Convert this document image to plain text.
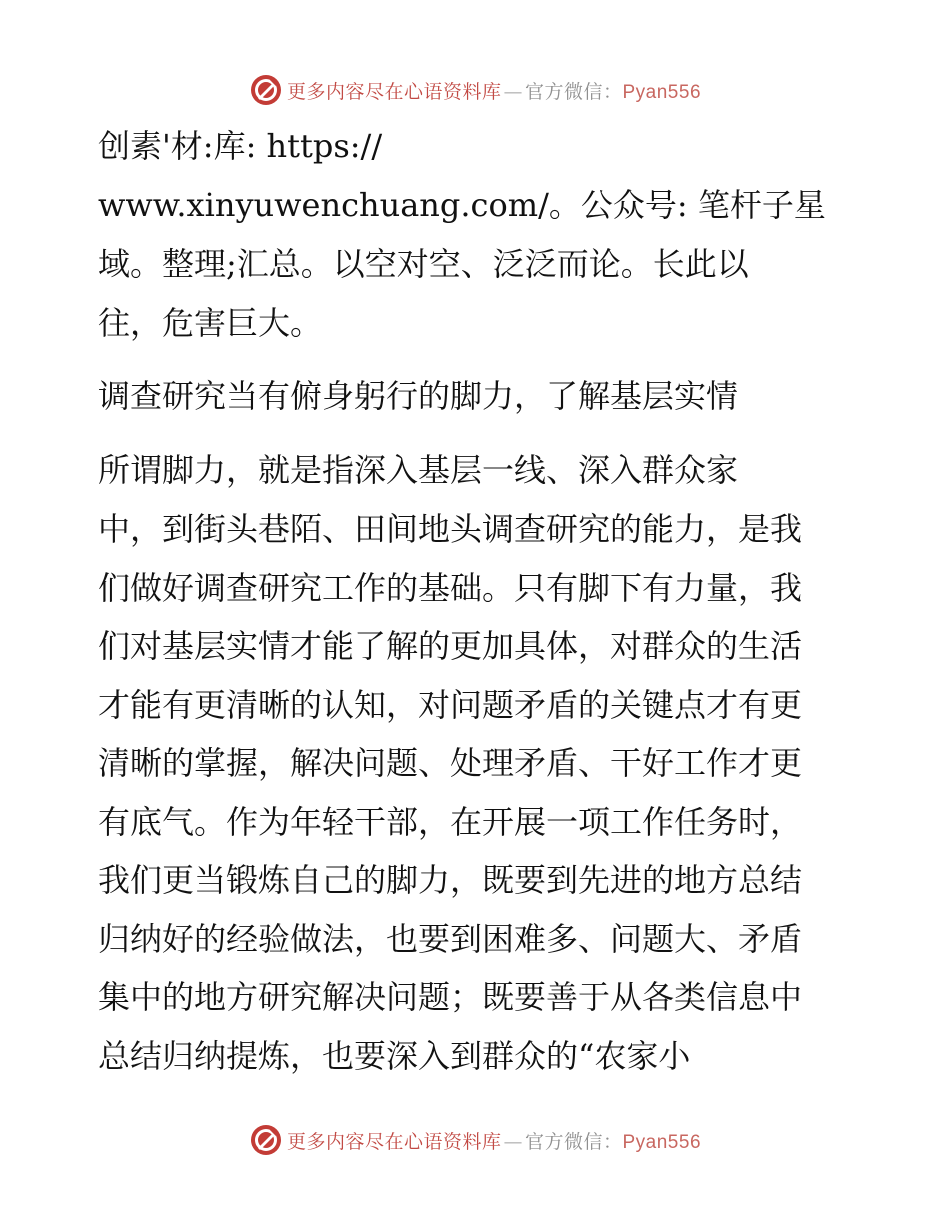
更多内容尽在心语资料库 — 官方微信：Pyan556
创素'材:库: https://
www.xinyuwenchuang.com/。公众号: 笔杆子星
域。整理;汇总。以空对空、泛泛而论。长此以
往，危害巨大。
调查研究当有俯身躬行的脚力，了解基层实情
所谓脚力，就是指深入基层一线、深入群众家
中，到街头巷陌、田间地头调查研究的能力，是我
们做好调查研究工作的基础。只有脚下有力量，我
们对基层实情才能了解的更加具体，对群众的生活
才能有更清晰的认知，对问题矛盾的关键点才有更
清晰的掌握，解决问题、处理矛盾、干好工作才更
有底气。作为年轻干部，在开展一项工作任务时，
我们更当锻炼自己的脚力，既要到先进的地方总结
归纳好的经验做法，也要到困难多、问题大、矛盾
集中的地方研究解决问题；既要善于从各类信息中
总结归纳提炼，也要深入到群众的“农家小
更多内容尽在心语资料库 — 官方微信：Pyan556
